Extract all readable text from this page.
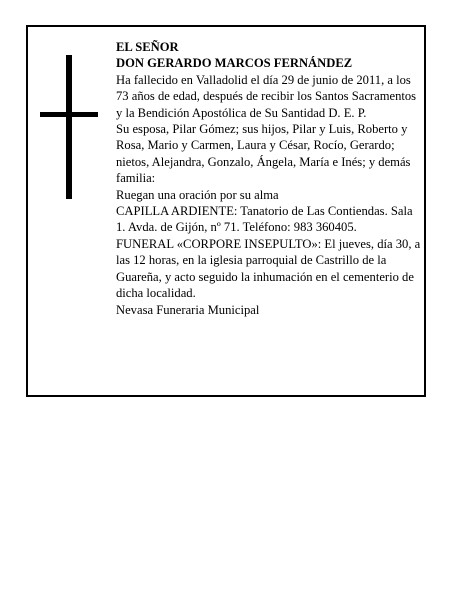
EL SEÑOR

DON GERARDO MARCOS FERNÁNDEZ

Ha fallecido en Valladolid el día 29 de junio de 2011, a los 73 años de edad, después de recibir los Santos Sacramentos y la Bendición Apostólica de Su Santidad D. E. P.

Su esposa, Pilar Gómez; sus hijos, Pilar y Luis, Roberto y Rosa, Mario y Carmen, Laura y César, Rocío, Gerardo; nietos, Alejandra, Gonzalo, Ángela, María e Inés; y demás familia:

Ruegan una oración por su alma

CAPILLA ARDIENTE: Tanatorio de Las Contiendas. Sala 1. Avda. de Gijón, nº 71. Teléfono: 983 360405.

FUNERAL «CORPORE INSEPULTO»: El jueves, día 30, a las 12 horas, en la iglesia parroquial de Castrillo de la Guareña, y acto seguido la inhumación en el cementerio de dicha localidad.

Nevasa Funeraria Municipal
